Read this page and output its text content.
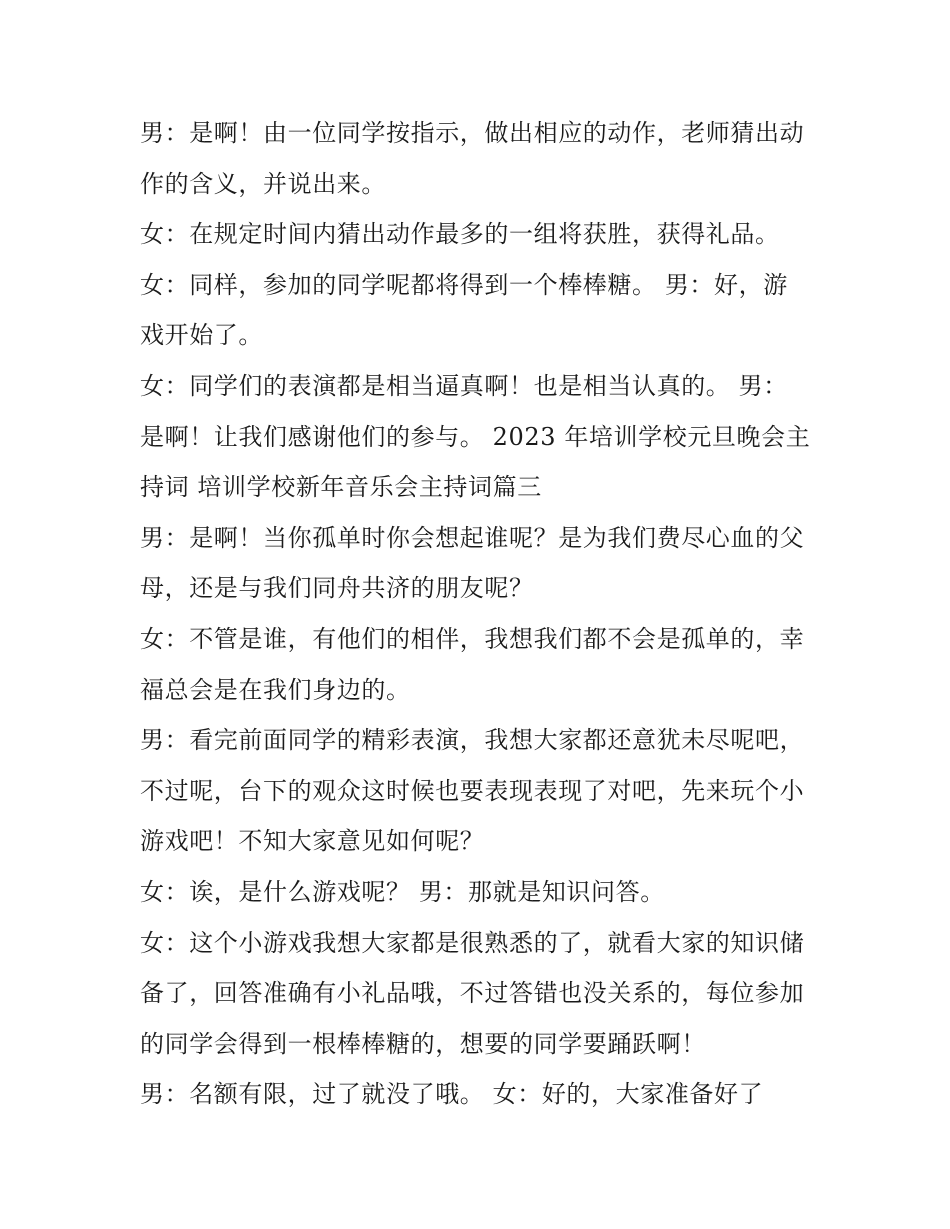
男：是啊！由一位同学按指示，做出相应的动作，老师猜出动
作的含义，并说出来。
女：在规定时间内猜出动作最多的一组将获胜，获得礼品。
女：同样，参加的同学呢都将得到一个棒棒糖。 男：好，游
戏开始了。
女：同学们的表演都是相当逼真啊！也是相当认真的。 男：
是啊！让我们感谢他们的参与。 2023 年培训学校元旦晚会主
持词 培训学校新年音乐会主持词篇三
男：是啊！当你孤单时你会想起谁呢？是为我们费尽心血的父
母，还是与我们同舟共济的朋友呢？
女：不管是谁，有他们的相伴，我想我们都不会是孤单的，幸
福总会是在我们身边的。
男：看完前面同学的精彩表演，我想大家都还意犹未尽呢吧，
不过呢，台下的观众这时候也要表现表现了对吧，先来玩个小
游戏吧！不知大家意见如何呢？
女：诶，是什么游戏呢？ 男：那就是知识问答。
女：这个小游戏我想大家都是很熟悉的了，就看大家的知识储
备了，回答准确有小礼品哦，不过答错也没关系的，每位参加
的同学会得到一根棒棒糖的，想要的同学要踊跃啊！
男：名额有限，过了就没了哦。 女：好的，大家准备好了
